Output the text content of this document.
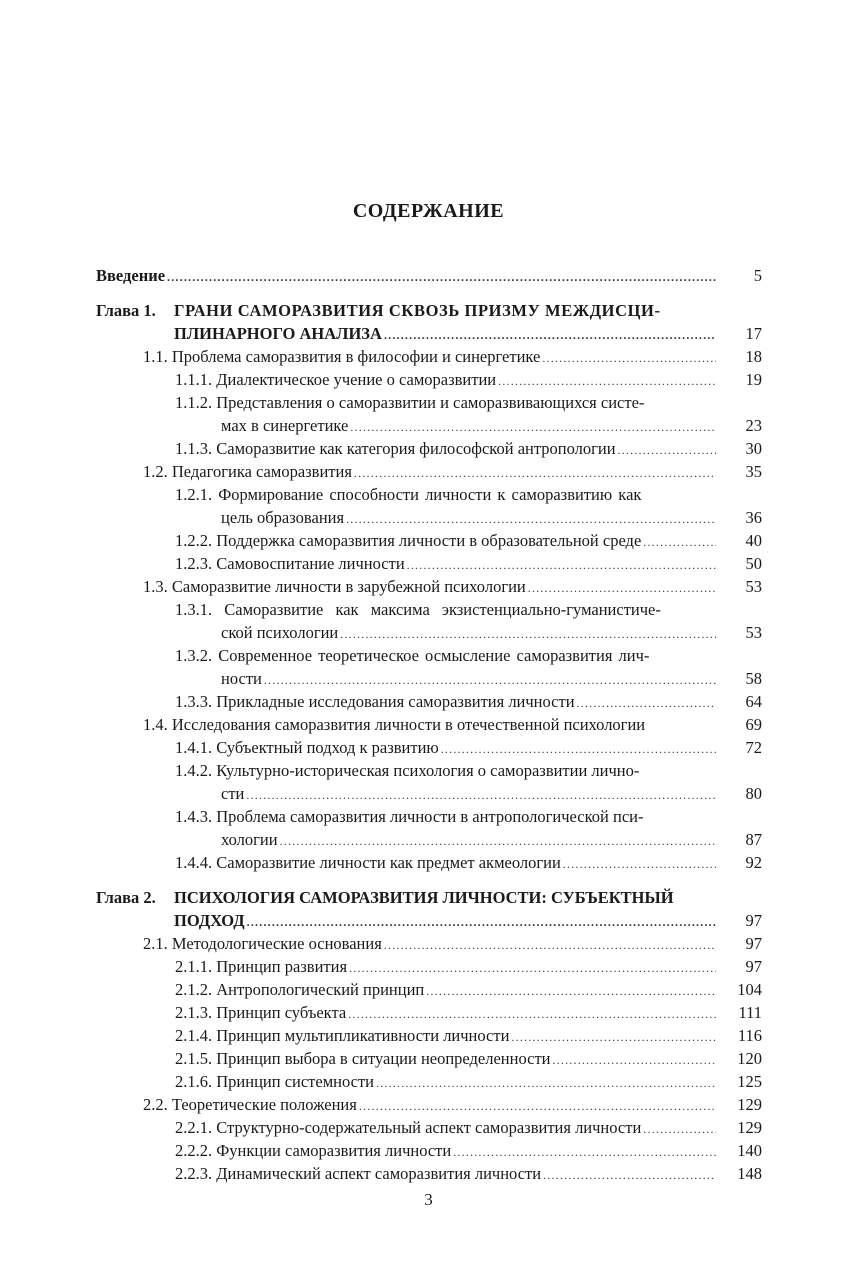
СОДЕРЖАНИЕ
Введение .....	5
Глава 1. ГРАНИ САМОРАЗВИТИЯ СКВОЗЬ ПРИЗМУ МЕЖДИСЦИ-
ПЛИНАРНОГО АНАЛИЗА .....	17
1.1. Проблема саморазвития в философии и синергетике .....	18
1.1.1. Диалектическое учение о саморазвитии .....	19
1.1.2. Представления о саморазвитии и саморазвивающихся систе-
мах в синергетике .....	23
1.1.3. Саморазвитие как категория философской антропологии .....	30
1.2. Педагогика саморазвития .....	35
1.2.1. Формирование способности личности к саморазвитию как
цель образования .....	36
1.2.2. Поддержка саморазвития личности в образовательной среде .....	40
1.2.3. Самовоспитание личности .....	50
1.3. Саморазвитие личности в зарубежной психологии .....	53
1.3.1. Саморазвитие как максима экзистенциально-гуманистиче-
ской психологии .....	53
1.3.2. Современное теоретическое осмысление саморазвития лич-
ности .....	58
1.3.3. Прикладные исследования саморазвития личности .....	64
1.4. Исследования саморазвития личности в отечественной психологии	69
1.4.1. Субъектный подход к развитию .....	72
1.4.2. Культурно-историческая психология о саморазвитии лично-
сти .....	80
1.4.3. Проблема саморазвития личности в антропологической пси-
хологии .....	87
1.4.4. Саморазвитие личности как предмет акмеологии .....	92
Глава 2. ПСИХОЛОГИЯ САМОРАЗВИТИЯ ЛИЧНОСТИ: СУБЪЕКТНЫЙ
ПОДХОД .....	97
2.1. Методологические основания .....	97
2.1.1. Принцип развития .....	97
2.1.2. Антропологический принцип .....	104
2.1.3. Принцип субъекта .....	111
2.1.4. Принцип мультипликативности личности .....	116
2.1.5. Принцип выбора в ситуации неопределенности .....	120
2.1.6. Принцип системности .....	125
2.2. Теоретические положения .....	129
2.2.1. Структурно-содержательный аспект саморазвития личности .....	129
2.2.2. Функции саморазвития личности .....	140
2.2.3. Динамический аспект саморазвития личности .....	148
3
